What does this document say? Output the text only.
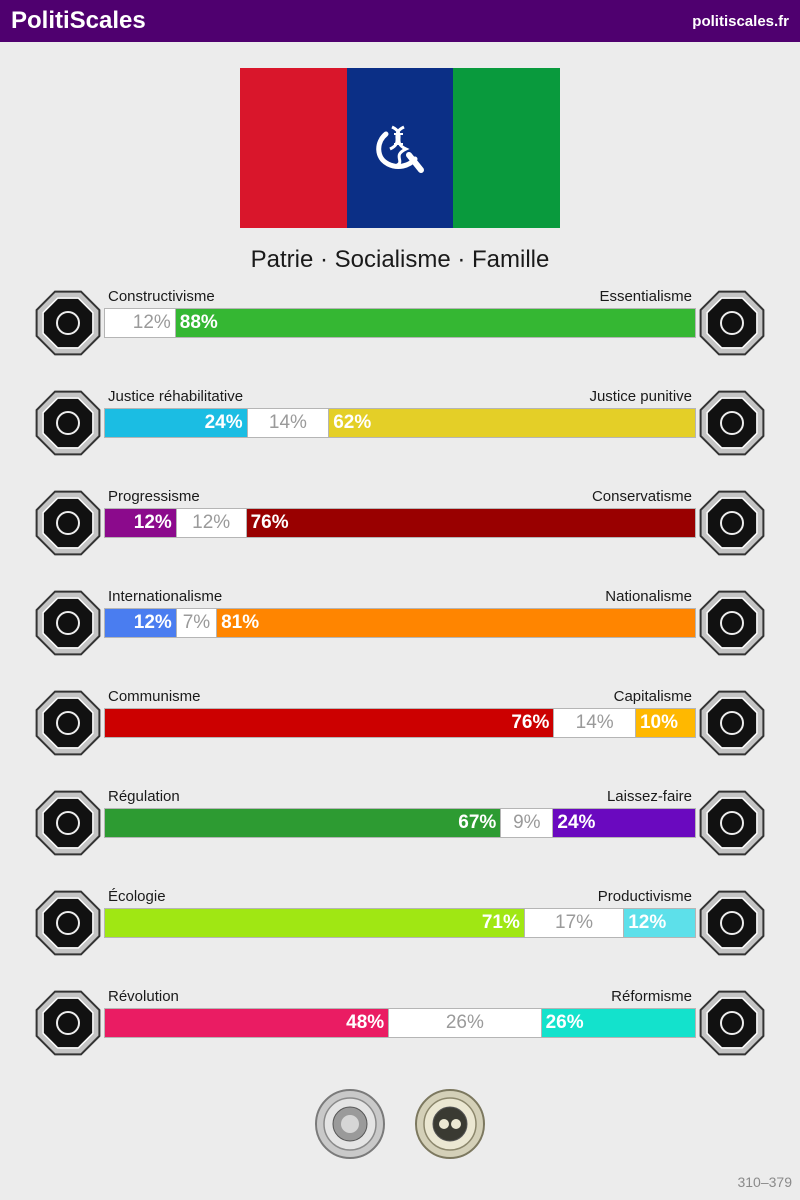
PolitiScales	politiscales.fr
Patrie · Socialisme · Famille
Constructivisme	Essentialisme
12% 88%
Justice réhabilitative	Justice punitive
24%	14%	62%
Progressisme	Conservatisme
12%	12%	76%
Internationalisme	Nationalisme
12% 7% 81%
Communisme	Capitalisme
76%	14%	10%
Régulation	Laissez-faire
67% 9% 24%
Écologie	Productivisme
71%	17%	12%
Révolution	Réformisme
48%	26%	26%
310–379
